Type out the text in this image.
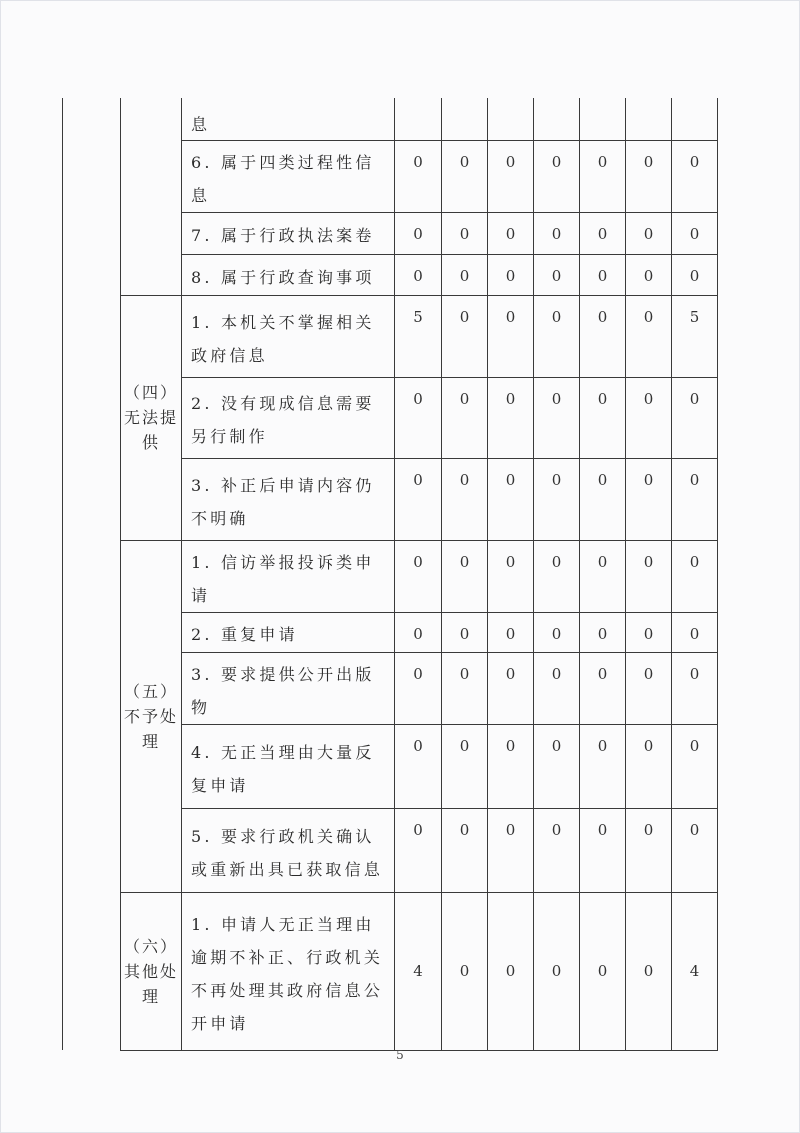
		息							
		6. 属于四类过程性信息	0	0	0	0	0	0	0
		7. 属于行政执法案卷	0	0	0	0	0	0	0
		8. 属于行政查询事项	0	0	0	0	0	0	0
	（四）无法提供	1. 本机关不掌握相关政府信息	5	0	0	0	0	0	5
		2. 没有现成信息需要另行制作	0	0	0	0	0	0	0
		3. 补正后申请内容仍不明确	0	0	0	0	0	0	0
	（五）不予处理	1. 信访举报投诉类申请	0	0	0	0	0	0	0
		2. 重复申请	0	0	0	0	0	0	0
		3. 要求提供公开出版物	0	0	0	0	0	0	0
		4. 无正当理由大量反复申请	0	0	0	0	0	0	0
		5. 要求行政机关确认或重新出具已获取信息	0	0	0	0	0	0	0
	（六）其他处理	1. 申请人无正当理由逾期不补正、行政机关不再处理其政府信息公开申请	4	0	0	0	0	0	4
5
